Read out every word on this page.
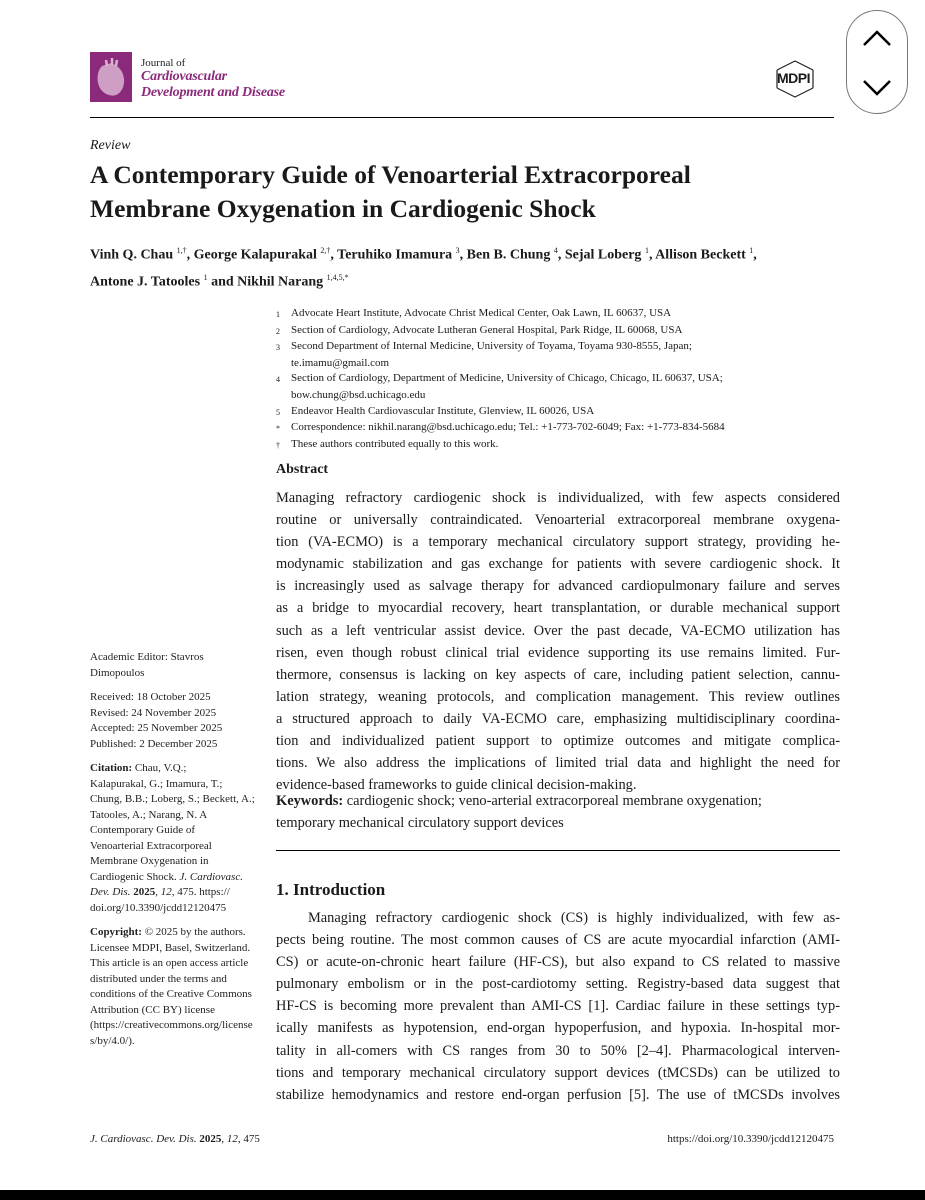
Journal of
Cardiovascular
Development and Disease
MDPI
Review
A Contemporary Guide of Venoarterial Extracorporeal
Membrane Oxygenation in Cardiogenic Shock
Vinh Q. Chau $^{1,\dagger}$, George Kalapurakal $^{2,\dagger}$, Teruhiko Imamura $^3$, Ben B. Chung $^4$, Sejal Loberg $^1$, Allison Beckett $^1$,
Antone J. Tatooles $^1$ and Nikhil Narang $^{1,4,5,*}$
1	Advocate Heart Institute, Advocate Christ Medical Center, Oak Lawn, IL 60637, USA
2	Section of Cardiology, Advocate Lutheran General Hospital, Park Ridge, IL 60068, USA
3	Second Department of Internal Medicine, University of Toyama, Toyama 930-8555, Japan;
te.imamu@gmail.com
4	Section of Cardiology, Department of Medicine, University of Chicago, Chicago, IL 60637, USA;
bow.chung@bsd.uchicago.edu
5	Endeavor Health Cardiovascular Institute, Glenview, IL 60026, USA
*	Correspondence: nikhil.narang@bsd.uchicago.edu; Tel.: +1-773-702-6049; Fax: +1-773-834-5684
†	These authors contributed equally to this work.
Abstract
Managing refractory cardiogenic shock is individualized, with few aspects considered
routine or universally contraindicated. Venoarterial extracorporeal membrane oxygena-
tion (VA-ECMO) is a temporary mechanical circulatory support strategy, providing he-
modynamic stabilization and gas exchange for patients with severe cardiogenic shock. It
is increasingly used as salvage therapy for advanced cardiopulmonary failure and serves
as a bridge to myocardial recovery, heart transplantation, or durable mechanical support
such as a left ventricular assist device. Over the past decade, VA-ECMO utilization has
risen, even though robust clinical trial evidence supporting its use remains limited. Fur-
thermore, consensus is lacking on key aspects of care, including patient selection, cannu-
lation strategy, weaning protocols, and complication management. This review outlines
a structured approach to daily VA-ECMO care, emphasizing multidisciplinary coordina-
tion and individualized patient support to optimize outcomes and mitigate complica-
tions. We also address the implications of limited trial data and highlight the need for
evidence-based frameworks to guide clinical decision-making.
Keywords: cardiogenic shock; veno-arterial extracorporeal membrane oxygenation;
temporary mechanical circulatory support devices
1. Introduction
Managing refractory cardiogenic shock (CS) is highly individualized, with few as-
pects being routine. The most common causes of CS are acute myocardial infarction (AMI-
CS) or acute-on-chronic heart failure (HF-CS), but also expand to CS related to massive
pulmonary embolism or in the post-cardiotomy setting. Registry-based data suggest that
HF-CS is becoming more prevalent than AMI-CS [1]. Cardiac failure in these settings typ-
ically manifests as hypotension, end-organ hypoperfusion, and hypoxia. In-hospital mor-
tality in all-comers with CS ranges from 30 to 50% [2–4]. Pharmacological interven-
tions and temporary mechanical circulatory support devices (tMCSDs) can be utilized to
stabilize hemodynamics and restore end-organ perfusion [5]. The use of tMCSDs involves
Academic Editor: Stavros
Dimopoulos
Received: 18 October 2025
Revised: 24 November 2025
Accepted: 25 November 2025
Published: 2 December 2025
Citation: Chau, V.Q.;
Kalapurakal, G.; Imamura, T.;
Chung, B.B.; Loberg, S.; Beckett, A.;
Tatooles, A.; Narang, N. A
Contemporary Guide of
Venoarterial Extracorporeal
Membrane Oxygenation in
Cardiogenic Shock. J. Cardiovasc.
Dev. Dis. 2025, 12, 475. https://
doi.org/10.3390/jcdd12120475
Copyright: © 2025 by the authors.
Licensee MDPI, Basel, Switzerland.
This article is an open access article
distributed under the terms and
conditions of the Creative Commons
Attribution (CC BY) license
(https://creativecommons.org/license
s/by/4.0/).
J. Cardiovasc. Dev. Dis. 2025, 12, 475	https://doi.org/10.3390/jcdd12120475
